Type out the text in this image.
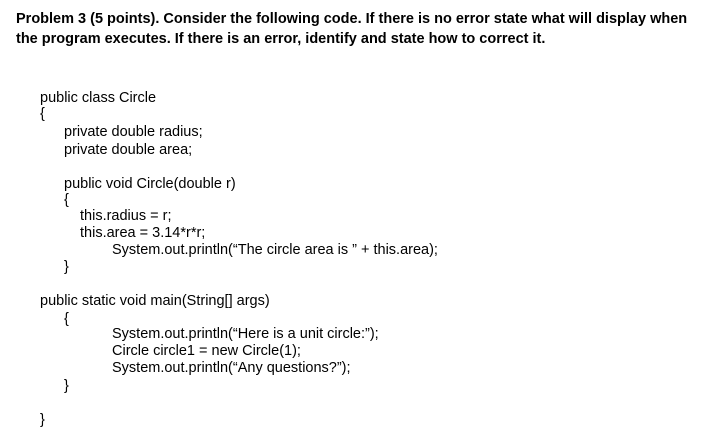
Problem 3 (5 points). Consider the following code. If there is no error state what will display when
the program executes. If there is an error, identify and state how to correct it.
public class Circle
{
private double radius;
private double area;
public void Circle(double r)
{
this.radius = r;
this.area = 3.14*r*r;
System.out.println(“The circle area is ” + this.area);
}
public static void main(String[] args)
{
System.out.println(“Here is a unit circle:”);
Circle circle1 = new Circle(1);
System.out.println(“Any questions?”);
}
}
